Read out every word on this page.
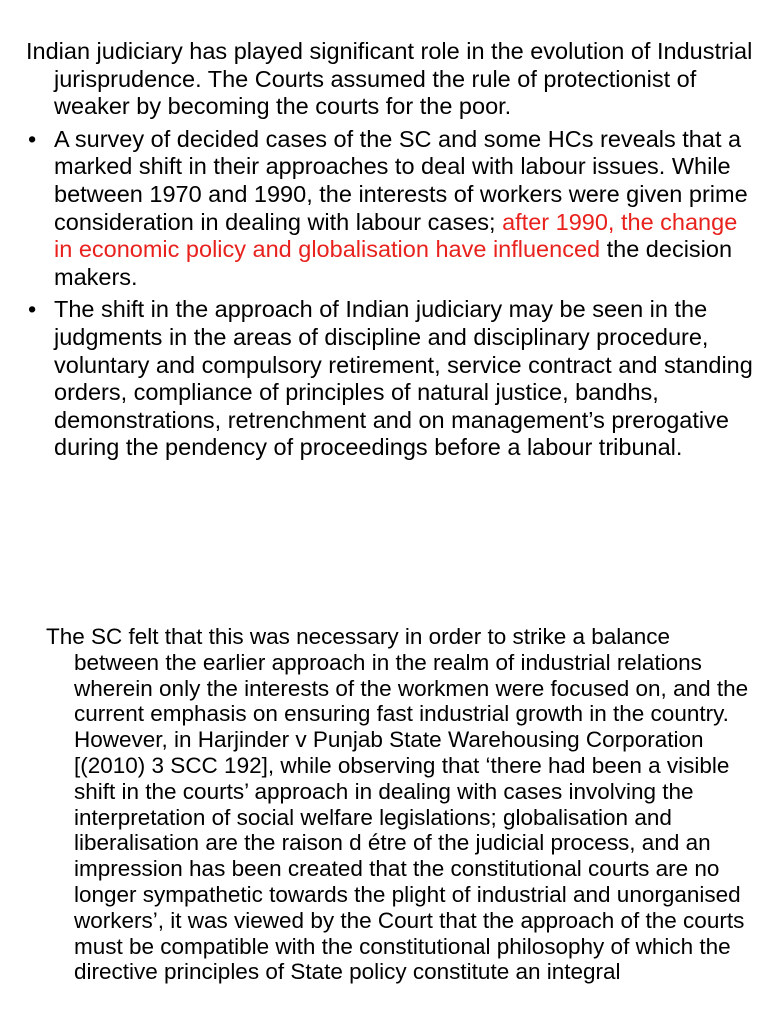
Indian judiciary has played significant role in the evolution of Industrial jurisprudence. The Courts assumed the rule of protectionist of weaker by becoming the courts for the poor.

• A survey of decided cases of the SC and some HCs reveals that a marked shift in their approaches to deal with labour issues. While between 1970 and 1990, the interests of workers were given prime consideration in dealing with labour cases; after 1990, the change in economic policy and globalisation have influenced the decision makers.
• The shift in the approach of Indian judiciary may be seen in the judgments in the areas of discipline and disciplinary procedure, voluntary and compulsory retirement, service contract and standing orders, compliance of principles of natural justice, bandhs, demonstrations, retrenchment and on management’s prerogative during the pendency of proceedings before a labour tribunal.

The SC felt that this was necessary in order to strike a balance between the earlier approach in the realm of industrial relations wherein only the interests of the workmen were focused on, and the current emphasis on ensuring fast industrial growth in the country. However, in Harjinder v Punjab State Warehousing Corporation [(2010) 3 SCC 192], while observing that ‘there had been a visible shift in the courts’ approach in dealing with cases involving the interpretation of social welfare legislations; globalisation and liberalisation are the raison d étre of the judicial process, and an impression has been created that the constitutional courts are no longer sympathetic towards the plight of industrial and unorganised workers’, it was viewed by the Court that the approach of the courts must be compatible with the constitutional philosophy of which the directive principles of State policy constitute an integral
